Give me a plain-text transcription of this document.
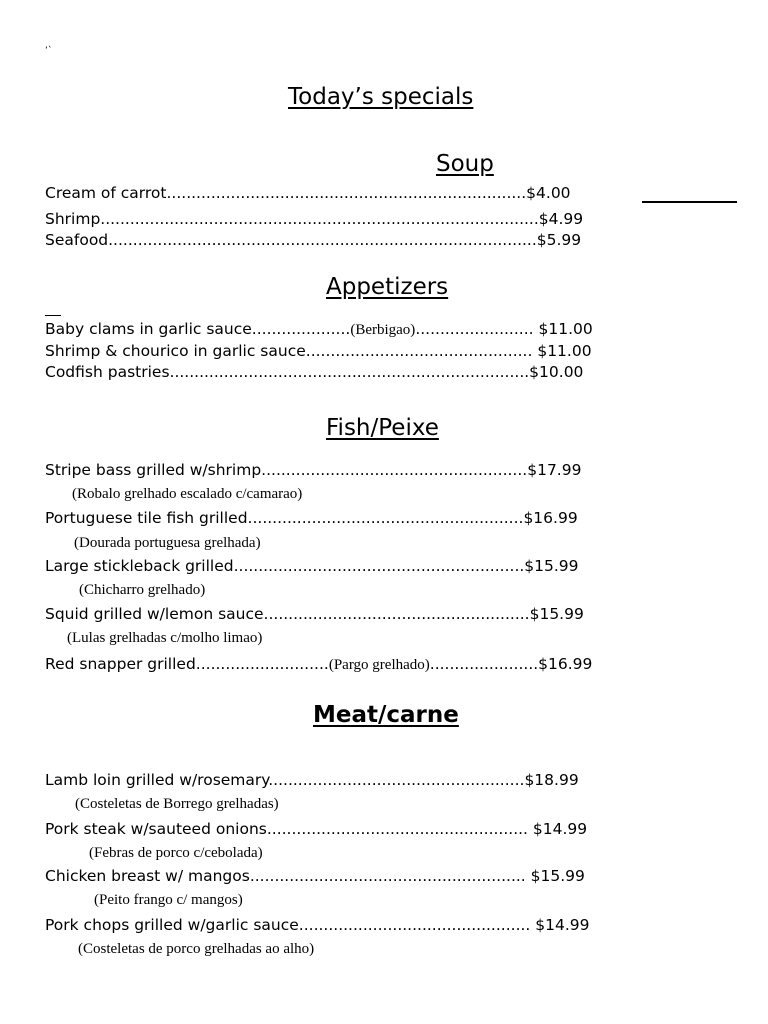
ʻˋ
Today’s specials
Soup
Cream of carrot.........................................................................$4.00
Shrimp.........................................................................................$4.99
Seafood.......................................................................................$5.99
Appetizers
Baby clams in garlic sauce....................(Berbigao)........................ $11.00
Shrimp & chourico in garlic sauce.............................................. $11.00
Codfish pastries.........................................................................$10.00
Fish/Peixe
Stripe bass grilled w/shrimp......................................................$17.99
(Robalo grelhado escalado c/camarao)
Portuguese tile fish grilled........................................................$16.99
(Dourada portuguesa grelhada)
Large stickleback grilled...........................................................$15.99
(Chicharro grelhado)
Squid grilled w/lemon sauce......................................................$15.99
(Lulas grelhadas c/molho limao)
Red snapper grilled...........................(Pargo grelhado)......................$16.99
Meat/carne
Lamb loin grilled w/rosemary....................................................$18.99
(Costeletas de Borrego grelhadas)
Pork steak w/sauteed onions..................................................... $14.99
(Febras de porco c/cebolada)
Chicken breast w/ mangos........................................................ $15.99
(Peito frango c/ mangos)
Pork chops grilled w/garlic sauce............................................... $14.99
(Costeletas de porco grelhadas ao alho)
